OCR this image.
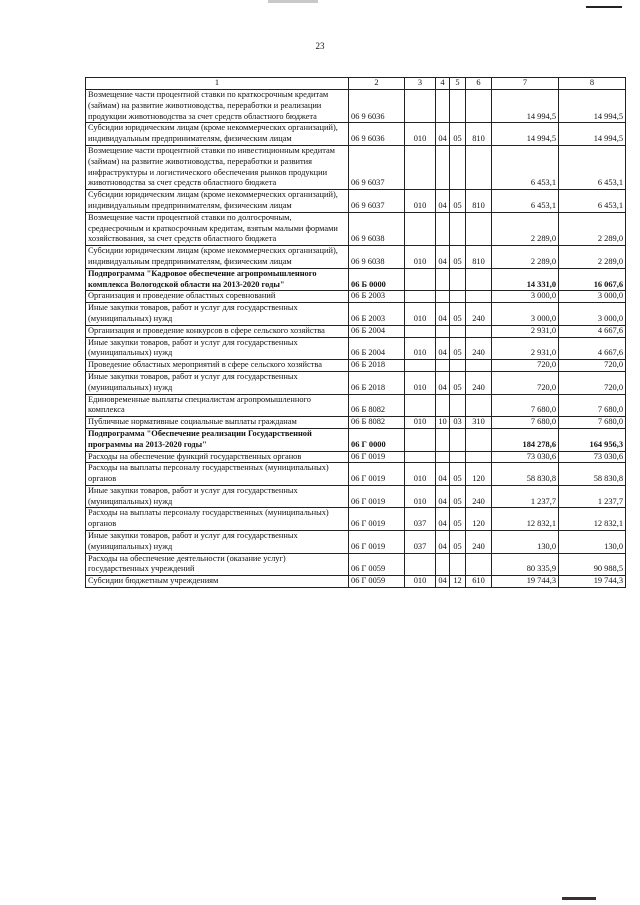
23
1	2	3	4	5	6	7	8
Возмещение части процентной ставки по краткосрочным кредитам (займам) на развитие животноводства, переработки и реализации продукции животноводства за счет средств областного бюджета	06 9 6036					14 994,5	14 994,5
Субсидии юридическим лицам (кроме некоммерческих организаций), индивидуальным предпринимателям, физическим лицам	06 9 6036	010	04	05	810	14 994,5	14 994,5
Возмещение части процентной ставки по инвестиционным кредитам (займам) на развитие животноводства, переработки и развития инфраструктуры и логистического обеспечения рынков продукции животноводства за счет средств областного бюджета	06 9 6037					6 453,1	6 453,1
Субсидии юридическим лицам (кроме некоммерческих организаций), индивидуальным предпринимателям, физическим лицам	06 9 6037	010	04	05	810	6 453,1	6 453,1
Возмещение части процентной ставки по долгосрочным, среднесрочным и краткосрочным кредитам, взятым малыми формами хозяйствования, за счет средств областного бюджета	06 9 6038					2 289,0	2 289,0
Субсидии юридическим лицам (кроме некоммерческих организаций), индивидуальным предпринимателям, физическим лицам	06 9 6038	010	04	05	810	2 289,0	2 289,0
Подпрограмма "Кадровое обеспечение агропромышленного комплекса Вологодской области на 2013-2020 годы"	06 Б 0000					14 331,0	16 067,6
Организация и проведение областных соревнований	06 Б 2003					3 000,0	3 000,0
Иные закупки товаров, работ и услуг для государственных (муниципальных) нужд	06 Б 2003	010	04	05	240	3 000,0	3 000,0
Организация и проведение конкурсов в сфере сельского хозяйства	06 Б 2004					2 931,0	4 667,6
Иные закупки товаров, работ и услуг для государственных (муниципальных) нужд	06 Б 2004	010	04	05	240	2 931,0	4 667,6
Проведение областных мероприятий в сфере сельского хозяйства	06 Б 2018					720,0	720,0
Иные закупки товаров, работ и услуг для государственных (муниципальных) нужд	06 Б 2018	010	04	05	240	720,0	720,0
Единовременные выплаты специалистам агропромышленного комплекса	06 Б 8082					7 680,0	7 680,0
Публичные нормативные социальные выплаты гражданам	06 Б 8082	010	10	03	310	7 680,0	7 680,0
Подпрограмма "Обеспечение реализации Государственной программы на 2013-2020 годы"	06 Г 0000					184 278,6	164 956,3
Расходы на обеспечение функций государственных органов	06 Г 0019					73 030,6	73 030,6
Расходы на выплаты персоналу государственных (муниципальных) органов	06 Г 0019	010	04	05	120	58 830,8	58 830,8
Иные закупки товаров, работ и услуг для государственных (муниципальных) нужд	06 Г 0019	010	04	05	240	1 237,7	1 237,7
Расходы на выплаты персоналу государственных (муниципальных) органов	06 Г 0019	037	04	05	120	12 832,1	12 832,1
Иные закупки товаров, работ и услуг для государственных (муниципальных) нужд	06 Г 0019	037	04	05	240	130,0	130,0
Расходы на обеспечение деятельности (оказание услуг) государственных учреждений	06 Г 0059					80 335,9	90 988,5
Субсидии бюджетным учреждениям	06 Г 0059	010	04	12	610	19 744,3	19 744,3
